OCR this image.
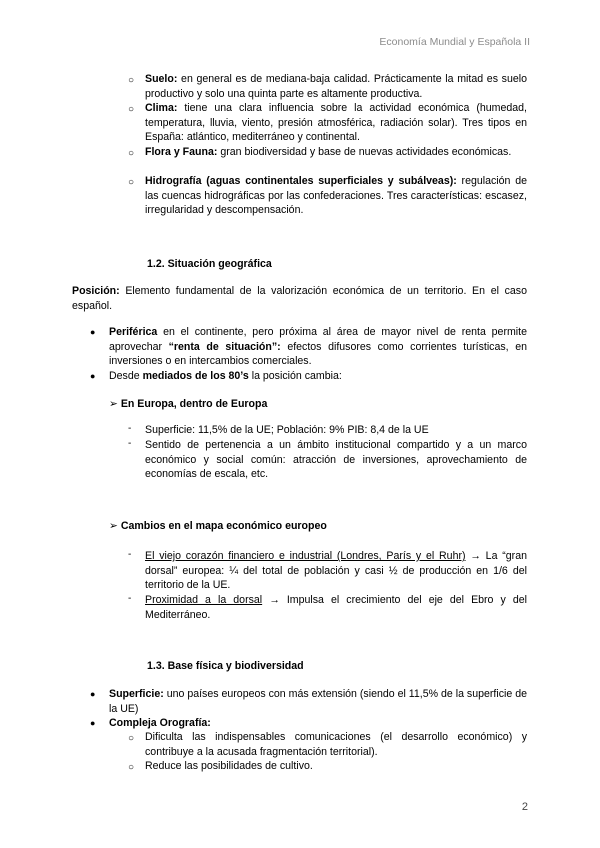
Economía Mundial y Española II
○ Suelo: en general es de mediana-baja calidad. Prácticamente la mitad es suelo productivo y solo una quinta parte es altamente productiva.
○ Clima: tiene una clara influencia sobre la actividad económica (humedad, temperatura, lluvia, viento, presión atmosférica, radiación solar). Tres tipos en España: atlántico, mediterráneo y continental.
○ Flora y Fauna: gran biodiversidad y base de nuevas actividades económicas.
○ Hidrografía (aguas continentales superficiales y subálveas): regulación de las cuencas hidrográficas por las confederaciones. Tres características: escasez, irregularidad y descompensación.
1.2. Situación geográfica
Posición: Elemento fundamental de la valorización económica de un territorio. En el caso español.
● Periférica en el continente, pero próxima al área de mayor nivel de renta permite aprovechar “renta de situación”: efectos difusores como corrientes turísticas, en inversiones o en intercambios comerciales.
● Desde mediados de los 80’s la posición cambia:
➢ En Europa, dentro de Europa
- Superficie: 11,5% de la UE; Población: 9% PIB: 8,4 de la UE
- Sentido de pertenencia a un ámbito institucional compartido y a un marco económico y social común: atracción de inversiones, aprovechamiento de economías de escala, etc.
➢ Cambios en el mapa económico europeo
- El viejo corazón financiero e industrial (Londres, París y el Ruhr) → La “gran dorsal” europea: ¼ del total de población y casi ½ de producción en 1/6 del territorio de la UE.
- Proximidad a la dorsal → Impulsa el crecimiento del eje del Ebro y del Mediterráneo.
1.3. Base física y biodiversidad
● Superficie: uno países europeos con más extensión (siendo el 11,5% de la superficie de la UE)
● Compleja Orografía:
○ Dificulta las indispensables comunicaciones (el desarrollo económico) y contribuye a la acusada fragmentación territorial).
○ Reduce las posibilidades de cultivo.
2
